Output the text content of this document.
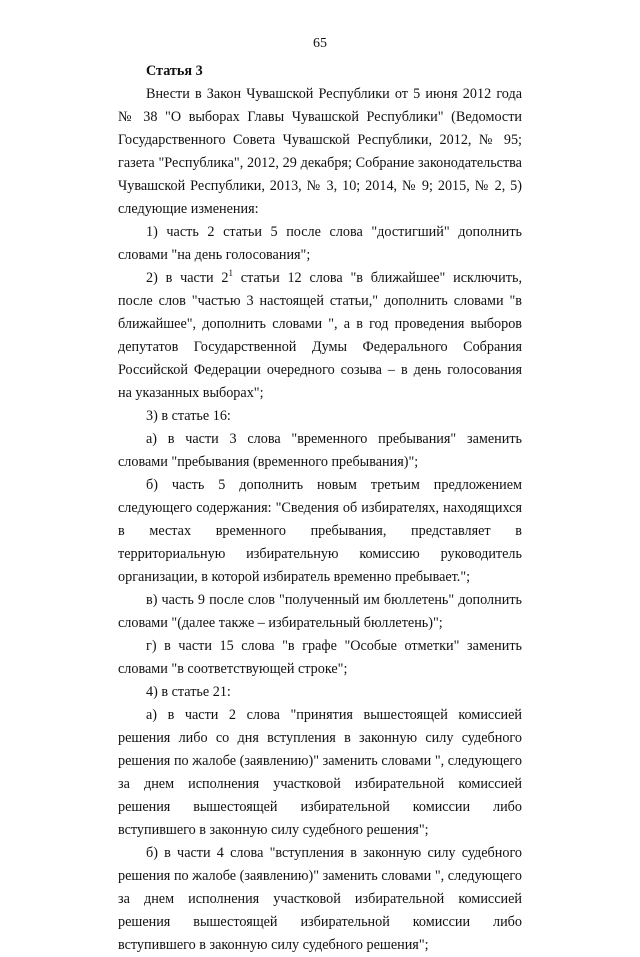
65

Статья 3

Внести в Закон Чувашской Республики от 5 июня 2012 года № 38 "О выборах Главы Чувашской Республики" (Ведомости Государственного Совета Чувашской Республики, 2012, № 95; газета "Республика", 2012, 29 декабря; Собрание законодательства Чувашской Республики, 2013, № 3, 10; 2014, № 9; 2015, № 2, 5) следующие изменения:

1) часть 2 статьи 5 после слова "достигший" дополнить словами "на день голосования";

2) в части $2^1$ статьи 12 слова "в ближайшее" исключить, после слов "частью 3 настоящей статьи," дополнить словами "в ближайшее", дополнить словами ", а в год проведения выборов депутатов Государственной Думы Федерального Собрания Российской Федерации очередного созыва – в день голосования на указанных выборах";

3) в статье 16:

а) в части 3 слова "временного пребывания" заменить словами "пребывания (временного пребывания)";

б) часть 5 дополнить новым третьим предложением следующего содержания: "Сведения об избирателях, находящихся в местах временного пребывания, представляет в территориальную избирательную комиссию руководитель организации, в которой избиратель временно пребывает.";

в) часть 9 после слов "полученный им бюллетень" дополнить словами "(далее также – избирательный бюллетень)";

г) в части 15 слова "в графе "Особые отметки" заменить словами "в соответствующей строке";

4) в статье 21:

а) в части 2 слова "принятия вышестоящей комиссией решения либо со дня вступления в законную силу судебного решения по жалобе (заявлению)" заменить словами ", следующего за днем исполнения участковой избирательной комиссией решения вышестоящей избирательной комиссии либо вступившего в законную силу судебного решения";

б) в части 4 слова "вступления в законную силу судебного решения по жалобе (заявлению)" заменить словами ", следующего за днем исполнения участковой избирательной комиссией решения вышестоящей избирательной комиссии либо вступившего в законную силу судебного решения";
